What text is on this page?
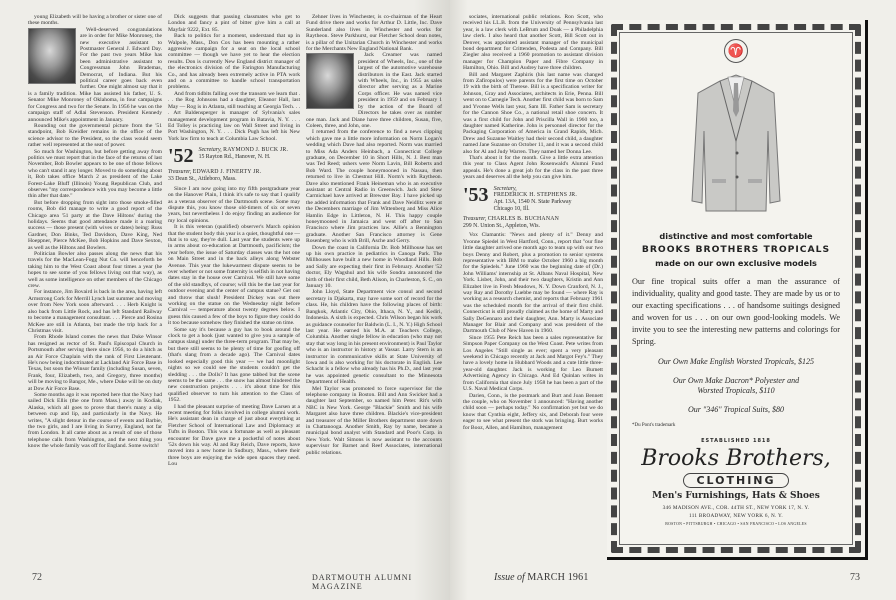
young Elizabeth will be having a brother or sister one of these months.

Well-deserved congratulations are in order for Mike Monroney, the new executive assistant to Postmaster General J. Edward Day. For the past two years Mike has been administrative assistant to Congressman John Brademas, Democrat, of Indiana. But his political career goes back even further. One might almost say that it is a family tradition. Mike has assisted his father, U. S. Senator Mike Monroney of Oklahoma, in four campaigns for Congress and two for the Senate. In 1956 he was on the campaign staff of Adlai Stevenson. President Kennedy announced Mike's appointment in January.

Rounding out the governmental picture from the '51 standpoint, Bob Kreidler remains in the office of the science advisor to the President, so the class would seem rather well represented at the seat of power.

So much for Washington, but before getting away from politics we must report that in the face of the returns of last November, Bob Bowler appears to be one of those fellows who can't stand it any longer. Moved to do something about it, Bob takes office March 2 as president of the Lake Forest-Lake Bluff (Illinois) Young Republican Club, and observes "my correspondence with you may become a little thin after that date."

But before dropping from sight into those smoke-filled rooms, Bob did manage to write a good report of the Chicago area '51 party at the Dave Hiltons' during the holidays. Seems that good attendance made it a roaring success — those present (with wives or dates) being: Russ Gardner, Don Binks, Ted Davidson, Dave King, Ned Hoeppner, Pierce McKee, Bob Hopkins and Dave Sexton, as well as the Hiltons and Bowlers.

Politician Bowler also passes along the news that his travels for the MacLean-Fogg Nut Co. will henceforth be taking him to the West Coast about four times a year (he hopes to see some of you fellows living out that way), as well as some intelligence on other members of the Chicago crew.

For instance, Jim Bovaird is back in the area, having left Armstrong Cork for Merrill Lynch last summer and moving over from New York soon afterward. . . . Herb Knight is also back from Little Rock, and has left Standard Railway to become a management consultant. . . . Pierce and Rosina McKee are still in Atlanta, but made the trip back for a Christmas visit.

From Rhode Island comes the news that Duke Winsor has resigned as rector of St. Paul's Episcopal Church in Portsmouth after serving there since 1956, to do a hitch as an Air Force Chaplain with the rank of First Lieutenant. He's now being indoctrinated at Lackland Air Force Base in Texas, but soon the Winsor family (including Susan, seven, Frank, four, Elizabeth, two, and Gregory, three months) will be moving to Bangor, Me., where Duke will be on duty at Dow Air Force Base.

Some months ago it was reported here that the Navy had sailed Dick Ellis (the one from Mass.) away in Kodiak, Alaska, which all goes to prove that there's many a slip between cup and lip, and particularly in the Navy. He writes, "A slight detour in the course of events and Barbie, the two girls, and I are living in Surrey, England, not far from London. It all came about as a result of one of those telephone calls from Washington, and the next thing you know the whole family was off for England. Some switch!

Dick suggests that passing classmates who get to London and fancy a pint of bitter give him a call at Mayfair 9222, Ext. 85.

Back to politics for a moment, understand that up in Walpole, Mass., Don Cox has been mounting a rather aggressive campaign for a seat on the local school committee — though we have yet to hear the election results. Don is currently New England district manager of the electronics division of the Farington Manufacturing Co., and has already been extremely active in PTA work and on a committee to handle school transportation problems.

And from tidbits falling over the transom we learn that . . . the Rog Johnsons had a daughter, Eleanor Hall, last May — Rog is in Atlanta, still teaching at Georgia Tech. . . . Art Baldensperger is manager of Sylvania's sales management development program in Batavia, N. Y. . . . Ed Tolley is practicing law on Wall Street and living in Port Washington, N. Y. . . . Dick Pugh has left his New York law firm to teach at Columbia Law School.

'52 Secretary, RAYMOND J. BUCK JR.
15 Rayton Rd., Hanover, N. H.
Treasurer, EDWARD J. FINERTY JR.
33 Dean St., Attleboro, Mass.

Since I am now going into my fifth postgraduate year on the Hanover Plain, I think it's safe to say that I qualify as a veteran observer of the Dartmouth scene. Some may dispute this, you know those old-timers of six or seven years, but nevertheless I do enjoy finding an audience for my local opinions.

It is this veteran (qualified) observer's March opinion that the student body this year is a quiet, thoughtful one — that is to say, they're dull. Last year the students were up in arms about co-education at Dartmouth, pacificism; the year before, the issue of Saturday classes was the hot one on Main Street and in the back alleys along Webster Avenue. This year the lukewarmest dispute seems to be over whether or not some fraternity is selfish in not having dates stay in the house over Carnival. We still have some of the old standbys, of course; will this be the last year for outdoor evening and the center of campus statue? Get out and throw that slush! President Dickey was out there working on the statue on the Wednesday night before Carnival — temperature about twenty degrees below. I guess this caused a few of the boys to figure they could do it too because somehow they finished the statue on time.

Some say it's because a guy has to book around the clock to get a hook (just wanted to give you a sample of campus slang) under the three-term program. That may be, but there still seems to be plenty of time for goofing off (that's slang from a decade ago). The Carnival dates looked especially good this year — we had moonlight nights so we could see the students couldn't get the sledding . . . the Dolls? It has gone tabbed but the scene seems to be the same . . . the snow has almost hindered the new construction projects . . . it's about time for this qualified observer to turn his attention to the Class of 1952.

I had the pleasant surprise of meeting Dave Larsen at a recent meeting for folks involved in college alumni work. He's assistant dean in charge of just about everything at Fletcher School of International Law and Diplomacy at Tufts in Boston. This was a fortunate as well as pleasant encounter for Dave gave me a pocketful of notes about '52s down his way. Al and Ray Reich, Dave reports, have moved into a new home in Sudbury, Mass., where their three boys are enjoying the wide open spaces they need. Lou

Zehner lives in Winchester, is co-chairman of the Heart Fund drive there and works for Arthur D. Little, Inc. Dave Sunderland also lives in Winchester and works for Raytheon. Steve Parkhurst, our Fletcher School dean notes, is a pillar of the Unitarian Church in Winchester and works for the Merchants New England National Bank.

Jack Creamer was named president of Wheels, Inc., one of the largest of the automotive warehouse distributors in the East. Jack started with Wheels, Inc., in 1955 as sales director after serving as a Marine Corps officer. He was named vice president in 1959 and on February 1 by the action of the Board of Directors he takes over as number one man. Jack and Diane have three children, Susan, five, Coleen, three, and John, one.

I returned from the conference to find a news clipping which gave me a little more information on Norm Logan's wedding which Dave had also reported. Norm was married to Miss Ada Anders Heinbach, a Connecticut College graduate, on December 10 in Short Hills, N. J. Best man was Ted Reed; ushers were Norm Lavin, Bill Roberts and Bob Ward. The couple honeymooned in Nassau, then returned to live in Chestnut Hill. Norm's with Raytheon. Dave also mentioned Frank Heineman who is an executive assistant at Central Radio in Greenwich. Jack and Stew Carmichael have arrived at Brewster Bay. I have picked up the added information that Frank and Dave Neidlitz were at the Decembers marriage of Jim Wittenberg and Miss Alice Hamlin Edge in Littleton, N. H. This happy couple honeymooned in Jamaica and went off after to San Francisco where Jim practices law. Allie's a Bennington graduate. Another San Francisco attorney is Gene Rosenberg who is with Brill, Asche and Gerry.

Down the coast in California Dr. Bob Millhouse has set up his own practice in pediatrics in Canoga Park. The Millhouses have built a new home in Woodland Hills. Bob and Sally are expecting their first in February. Another '52 doctor, Ely Wagshul and his wife Sondra announced the birth of their first child, Beth Alison, in Charleston, S. C., on January 10.

John Lloyd, State Department vice consul and second secretary in Djakarta, may have some sort of record for the class. He, his children have the following places of birth: Bangkok, Atlantic City, Ohio, Ithaca, N. Y., and Kediri, Indonesia. A sixth is expected. Chris Wilson began his work as guidance counselor for Baldwin (L. I., N. Y.) High School last year. He earned his M.A. at Teachers College, Columbia. Another single fellow in education (who may not stay that way long in his present environment) is Paul Taylor who is an instructor in history at Vassar. Larry Stern is an instructor in communicative skills at State University of Iowa and is also working for his doctorate in English. Lee Schacht is a fellow who already has his Ph.D., and last year he was appointed genetic consultant to the Minnesota Department of Health.

Mel Taylor was promoted to force supervisor for the telephone company in Boston. Bill and Ann Swicker had a daughter last September, so named him Peter. Rit's with NBC in New York. George "Blackie" Smith and his wife Margaret also have three children. Blackie's vice-president and treasurer of the Miller Brothers department store down in Chattanooga. Another Smith, Ray by name, became a municipal bond analyst with Standard and Poor's Corp. in New York. Walt Simons is now assistant to the accounts supervisor for Barnet and Reef Associates, international public relations.

72	DARTMOUTH ALUMNI MAGAZINE

sociates, international public relations. Ron Scott, who received his LL.B. from the University of Pennsylvania last year, is a law clerk with LeBrum and Doak — a Philadelphia law clerk. I also heard that another Scott, Bill Scott out in Denver, was appointed assistant manager of the municipal bond department for Crittenden, Podesta and Company. Bill Ziegler also received a 1960 promotion to assistant division manager for Champion Paper and Fibre Company in Hamilton, Ohio. Bill and Audrey have three children.

Bill and Margaret Zaphiris (his last name was changed from Zafiropulos) were parents for the first time on October 19 with the birth of Therese. Bill is a specification writer for Johnson, Gray and Associates, architects in Erie, Penna. Bill went on to Carnegie Tech. Another first child was born to Sam and Yvonne Wells last year, Sam III. Father Sam is secretary for the Cannon Shoe Co., a national retail shoe concern. It was a first child for John and Priscilla Wall in 1960 too, a daughter named Katherine. John is personnel director for the Packaging Corporation of America in Grand Rapids, Mich. Drew and Suzanne Waitley had their second child, a daughter named Jane Suzanne on October 11, and it was a second child also for Al and Judy Warren. They named her Donna Lee.

That's about it for the month. Give a little extra attention this year to Class Agent John Rosenwald's Alumni Fund appeals. He's done a great job for the class in the past three years and deserves all the help you can give him.

'53 Secretary,
FREDERICK H. STEPHENS JR.
Apt. 13A, 1540 N. State Parkway
Chicago 10, Ill.
Treasurer, CHARLES B. BUCHANAN
299 N. Union St., Appleton, Wis.

Vox Clamantis: "News and plenty of it." Denny and Yvonne Spiedel in West Hartford, Conn., report that "our fine little daughter arrived one month ago to team up with our two boys Denny and Robert, plus a promotion to senior systems representative with IBM to make October 1960 a big month for the Spiedels." June 1960 was the beginning date of (Dr.) John Williams' internship at St. Albans Naval Hospital, New York. Lisbet, John, and their two daughters, Kristin and Ann Elizabet live in Fresh Meadows, N. Y. Down Cranford, N. J., way Ray and Dorothy Luebbe may be found — where Ray is working as a research chemist, and reports that February 1961 was the scheduled month for the arrival of their first child. Connecticut is still proudly claimed as the home of Marty and Sally DeGennaro and their daughter, Ann. Marty is Associate Manager for Blair and Company and was president of the Dartmouth Club of New Haven in 1960.

Since 1955 Pete Reich has been a sales representative for Simpson Paper Company on the West Coast. Pete writes from Los Angeles "Still single as ever; spent a very pleasant weekend in Chicago recently at Jack and Margot Fey's." They have a lovely home in Hubbard Woods and a cute little three-year-old daughter. Jack is working for Leo Burnett Advertising Agency in Chicago. And Ed Quinlan writes in from California that since July 1958 he has been a part of the U.S. Naval Medical Corps.

Darien, Conn., is the postmark and Burt and Joan Bennett the couple, who on November 1 announced: "Having another child soon — perhaps today." No confirmation yet but we do know that Cynthia eight, Jeffery six, and Deborah four were eager to see what present the stork was bringing. Burt works for Booz, Allen, and Hamilton, management

Issue of MARCH 1961	73
♈
distinctive and most comfortable
BROOKS BROTHERS TROPICALS
made on our own exclusive models
Our fine tropical suits offer a man the assurance of individuality, quality and good taste. They are made by us or to our exacting specifications . . . of handsome suitings designed and woven for us . . . on our own good-looking models. We invite you to see the interesting new patterns and colorings for Spring.
Our Own Make English Worsted Tropicals, $125
Our Own Make Dacron* Polyester and Worsted Tropicals, $110
Our "346" Tropical Suits, $80
*Du Pont's trademark
ESTABLISHED 1818
Brooks Brothers,
CLOTHING
Men's Furnishings, Hats & Shoes
346 MADISON AVE., COR. 44TH ST., NEW YORK 17, N. Y.
111 BROADWAY, NEW YORK 6, N. Y.
BOSTON • PITTSBURGH • CHICAGO • SAN FRANCISCO • LOS ANGELES
